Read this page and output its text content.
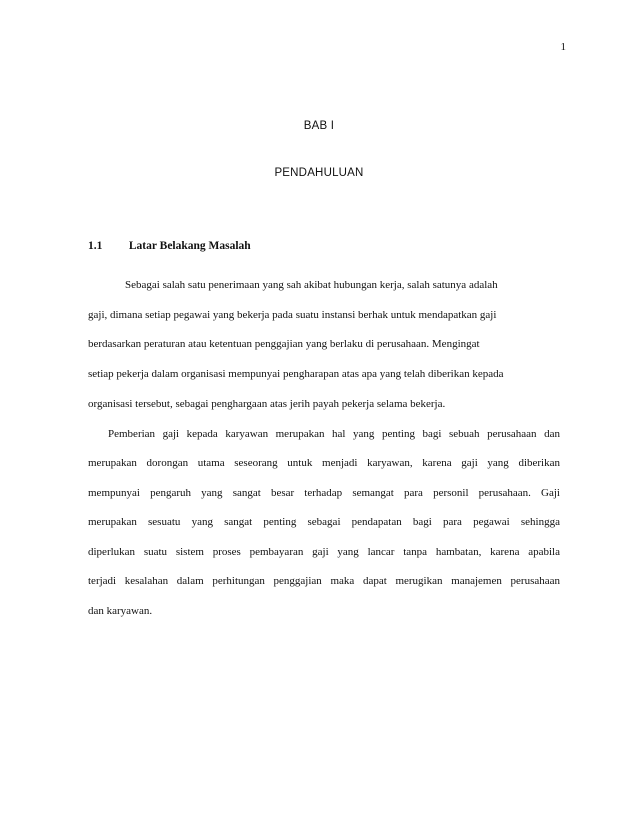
1
BAB I
PENDAHULUAN
1.1 Latar Belakang Masalah
Sebagai salah satu penerimaan yang sah akibat hubungan kerja, salah satunya adalah
gaji, dimana setiap pegawai yang bekerja pada suatu instansi berhak untuk mendapatkan gaji
berdasarkan peraturan atau ketentuan penggajian yang berlaku di perusahaan. Mengingat
setiap pekerja dalam organisasi mempunyai pengharapan atas apa yang telah diberikan kepada
organisasi tersebut, sebagai penghargaan atas jerih payah pekerja selama bekerja.
Pemberian gaji kepada karyawan merupakan hal yang penting bagi sebuah perusahaan dan
merupakan dorongan utama seseorang untuk menjadi karyawan, karena gaji yang diberikan
mempunyai pengaruh yang sangat besar terhadap semangat para personil perusahaan. Gaji
merupakan sesuatu yang sangat penting sebagai pendapatan bagi para pegawai sehingga
diperlukan suatu sistem proses pembayaran gaji yang lancar tanpa hambatan, karena apabila
terjadi kesalahan dalam perhitungan penggajian maka dapat merugikan manajemen perusahaan
dan karyawan.
